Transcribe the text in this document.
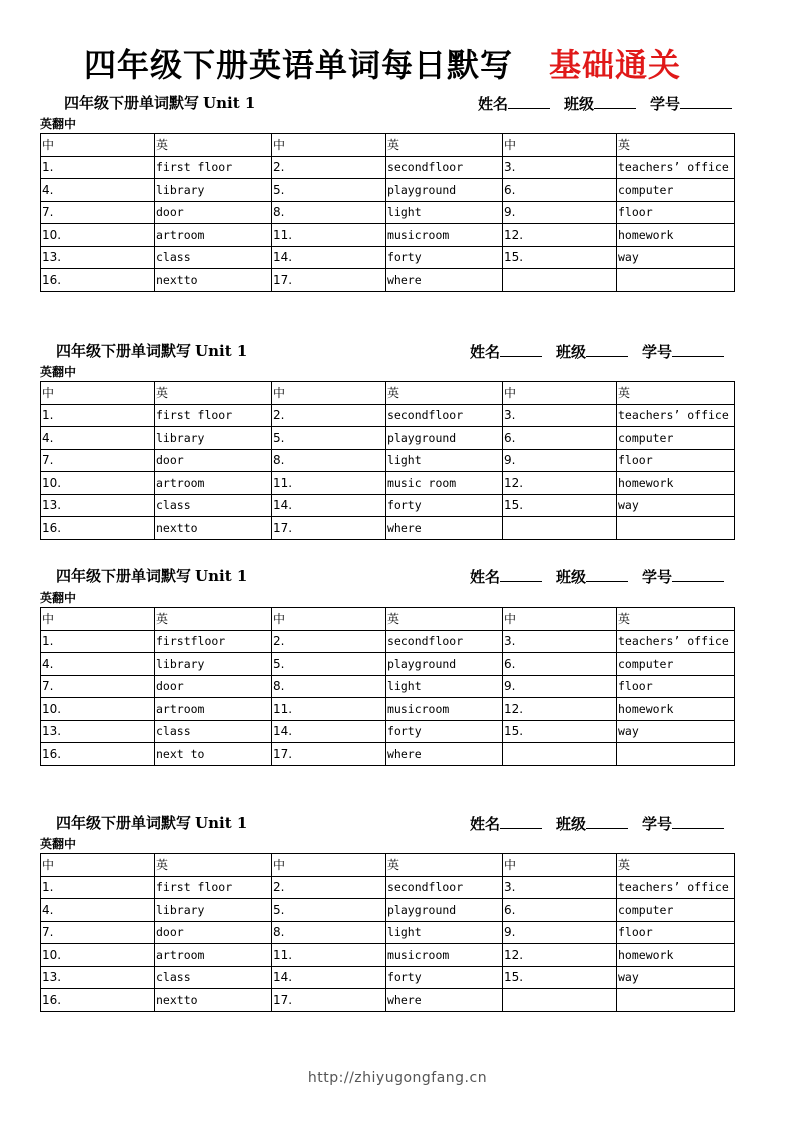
四年级下册英语单词每日默写 基础通关
四年级下册单词默写 Unit 1	姓名	班级	学号
英翻中
中	英	中	英	中	英
1.	first floor	2.	secondfloor	3.	teachers’ office
4.	library	5.	playground	6.	computer
7.	door	8.	light	9.	floor
10.	artroom	11.	musicroom	12.	homework
13.	class	14.	forty	15.	way
16.	nextto	17.	where		
四年级下册单词默写 Unit 1	姓名	班级	学号
英翻中
中	英	中	英	中	英
1.	first floor	2.	secondfloor	3.	teachers’ office
4.	library	5.	playground	6.	computer
7.	door	8.	light	9.	floor
10.	artroom	11.	music room	12.	homework
13.	class	14.	forty	15.	way
16.	nextto	17.	where		
四年级下册单词默写 Unit 1	姓名	班级	学号
英翻中
中	英	中	英	中	英
1.	firstfloor	2.	secondfloor	3.	teachers’ office
4.	library	5.	playground	6.	computer
7.	door	8.	light	9.	floor
10.	artroom	11.	musicroom	12.	homework
13.	class	14.	forty	15.	way
16.	next to	17.	where		
四年级下册单词默写 Unit 1	姓名	班级	学号
英翻中
中	英	中	英	中	英
1.	first floor	2.	secondfloor	3.	teachers’ office
4.	library	5.	playground	6.	computer
7.	door	8.	light	9.	floor
10.	artroom	11.	musicroom	12.	homework
13.	class	14.	forty	15.	way
16.	nextto	17.	where		
http://zhiyugongfang.cn
